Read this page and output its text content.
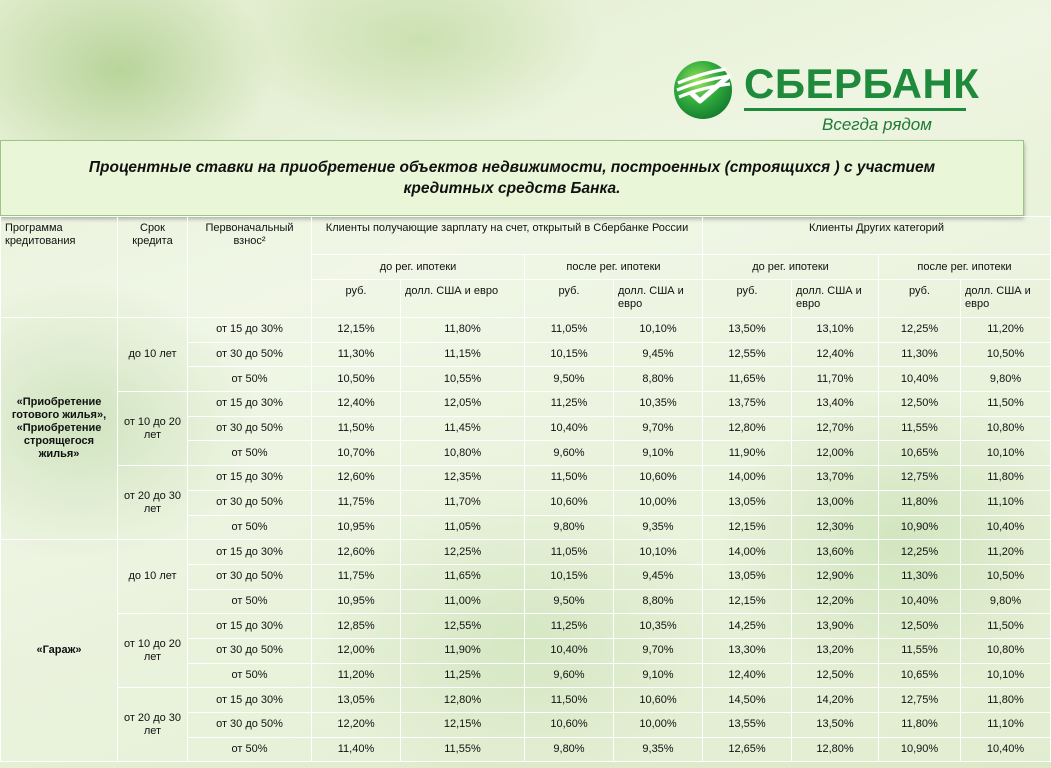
СБЕРБАНК
Всегда рядом
Процентные ставки на приобретение объектов недвижимости, построенных (строящихся ) с участием кредитных средств Банка.
Программа кредитования	Срок кредита	Первоначальный взнос²	Клиенты получающие зарплату на счет, открытый в Сбербанке России				Клиенты Других категорий			
			до рег. ипотеки		после рег. ипотеки		до рег. ипотеки		после рег. ипотеки	
			руб.	долл. США и евро	руб.	долл. США и евро	руб.	долл. США и евро	руб.	долл. США и евро
«Приобретение готового жилья», «Приобретение строящегося жилья»	до 10 лет	от 15 до 30%	12,15%	11,80%	11,05%	10,10%	13,50%	13,10%	12,25%	11,20%
		от 30 до 50%	11,30%	11,15%	10,15%	9,45%	12,55%	12,40%	11,30%	10,50%
		от 50%	10,50%	10,55%	9,50%	8,80%	11,65%	11,70%	10,40%	9,80%
	от 10 до 20 лет	от 15 до 30%	12,40%	12,05%	11,25%	10,35%	13,75%	13,40%	12,50%	11,50%
		от 30 до 50%	11,50%	11,45%	10,40%	9,70%	12,80%	12,70%	11,55%	10,80%
		от 50%	10,70%	10,80%	9,60%	9,10%	11,90%	12,00%	10,65%	10,10%
	от 20 до 30 лет	от 15 до 30%	12,60%	12,35%	11,50%	10,60%	14,00%	13,70%	12,75%	11,80%
		от 30 до 50%	11,75%	11,70%	10,60%	10,00%	13,05%	13,00%	11,80%	11,10%
		от 50%	10,95%	11,05%	9,80%	9,35%	12,15%	12,30%	10,90%	10,40%
«Гараж»	до 10 лет	от 15 до 30%	12,60%	12,25%	11,05%	10,10%	14,00%	13,60%	12,25%	11,20%
		от 30 до 50%	11,75%	11,65%	10,15%	9,45%	13,05%	12,90%	11,30%	10,50%
		от 50%	10,95%	11,00%	9,50%	8,80%	12,15%	12,20%	10,40%	9,80%
	от 10 до 20 лет	от 15 до 30%	12,85%	12,55%	11,25%	10,35%	14,25%	13,90%	12,50%	11,50%
		от 30 до 50%	12,00%	11,90%	10,40%	9,70%	13,30%	13,20%	11,55%	10,80%
		от 50%	11,20%	11,25%	9,60%	9,10%	12,40%	12,50%	10,65%	10,10%
	от 20 до 30 лет	от 15 до 30%	13,05%	12,80%	11,50%	10,60%	14,50%	14,20%	12,75%	11,80%
		от 30 до 50%	12,20%	12,15%	10,60%	10,00%	13,55%	13,50%	11,80%	11,10%
		от 50%	11,40%	11,55%	9,80%	9,35%	12,65%	12,80%	10,90%	10,40%
